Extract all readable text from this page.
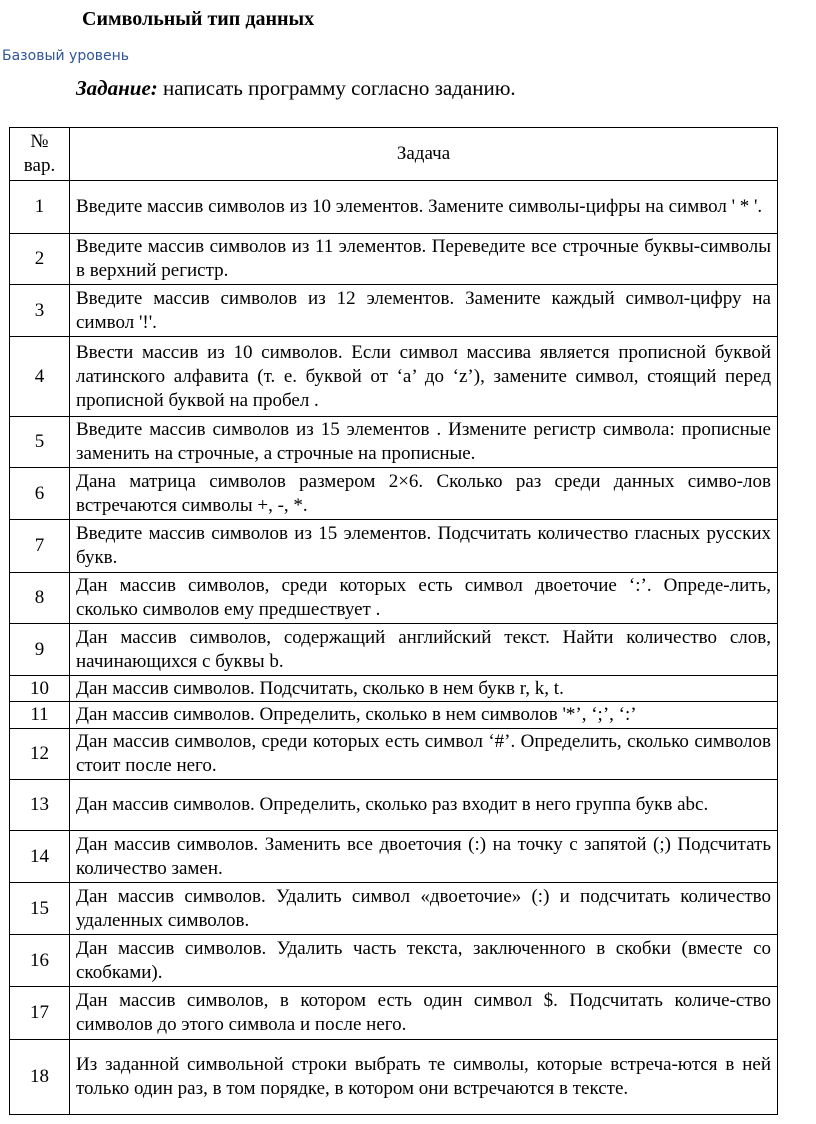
Символьный тип данных
Базовый уровень
Задание: написать программу согласно заданию.
№
вар.	Задача
1	Введите массив символов из 10 элементов. Замените символы-цифры на символ ' * '.
2	Введите массив символов из 11 элементов. Переведите все строчные буквы-символы в верхний регистр.
3	Введите массив символов из 12 элементов. Замените каждый символ-цифру на символ '!'.
4	Ввести массив из 10 символов. Если символ массива является прописной буквой латинского алфавита (т. е. буквой от ‘a’ до ‘z’), замените символ, стоящий перед прописной буквой на пробел .
5	Введите массив символов из 15 элементов . Измените регистр символа: прописные заменить на строчные, а строчные на прописные.
6	Дана матрица символов размером 2×6. Сколько раз среди данных симво-лов встречаются символы +, -, *.
7	Введите массив символов из 15 элементов. Подсчитать количество гласных русских букв.
8	Дан массив символов, среди которых есть символ двоеточие ‘:’. Опреде-лить, сколько символов ему предшествует .
9	Дан массив символов, содержащий английский текст. Найти количество слов, начинающихся с буквы b.
10	Дан массив символов. Подсчитать, сколько в нем букв r, k, t.
11	Дан массив символов. Определить, сколько в нем символов '*’, ‘;’, ‘:’
12	Дан массив символов, среди которых есть символ ‘#’. Определить, сколько символов стоит после него.
13	Дан массив символов. Определить, сколько раз входит в него группа букв abc.
14	Дан массив символов. Заменить все двоеточия (:) на точку с запятой (;) Подсчитать количество замен.
15	Дан массив символов. Удалить символ «двоеточие» (:) и подсчитать количество удаленных символов.
16	Дан массив символов. Удалить часть текста, заключенного в скобки (вместе со скобками).
17	Дан массив символов, в котором есть один символ $. Подсчитать количе-ство символов до этого символа и после него.
18	Из заданной символьной строки выбрать те символы, которые встреча-ются в ней только один раз, в том порядке, в котором они встречаются в тексте.
